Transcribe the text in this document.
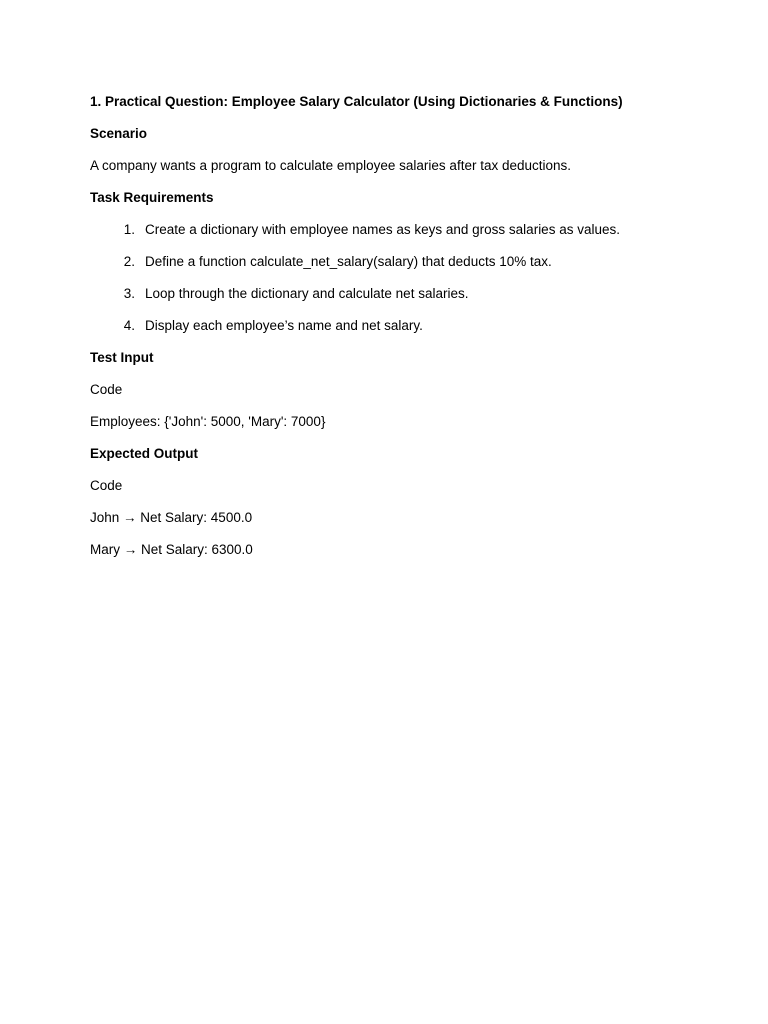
1. Practical Question: Employee Salary Calculator (Using Dictionaries & Functions)
Scenario
A company wants a program to calculate employee salaries after tax deductions.
Task Requirements
1. Create a dictionary with employee names as keys and gross salaries as values.
2. Define a function calculate_net_salary(salary) that deducts 10% tax.
3. Loop through the dictionary and calculate net salaries.
4. Display each employee’s name and net salary.
Test Input
Code
Employees: {'John': 5000, 'Mary': 7000}
Expected Output
Code
John → Net Salary: 4500.0
Mary → Net Salary: 6300.0
